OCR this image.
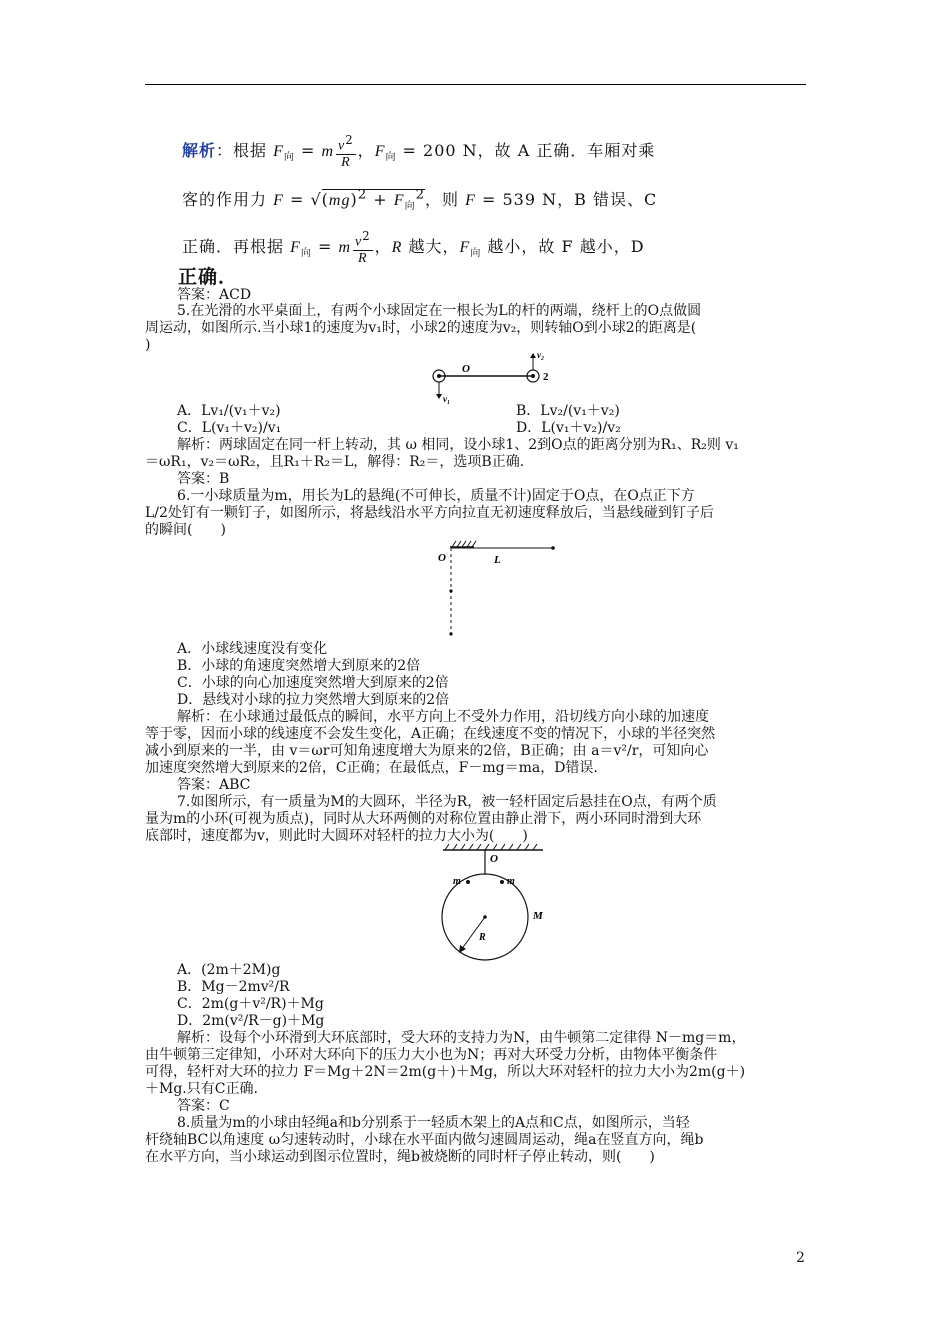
解析：根据 $F_向 = m \frac{v^2}{R}$ ，$F_向 = 200$ N，故 A 正确．车厢对乘
客的作用力 $F = √(mg)^2 + F_向^2$，则 F = 539 N，B 错误、C
正确．再根据 $F_向 = m \frac{v^2}{R}$ ，R 越大，$F_向$ 越小，故 F 越小，D
正确．
答案：ACD
5.在光滑的水平桌面上，有两个小球固定在一根长为L的杆的两端，绕杆上的O点做圆
周运动，如图所示.当小球1的速度为v₁时，小球2的速度为v₂，则转轴O到小球2的距离是(
)
O
2
v₁
v₂
A．Lv₁/(v₁＋v₂)	B．Lv₂/(v₁＋v₂)
C．L(v₁＋v₂)/v₁	D．L(v₁＋v₂)/v₂
解析：两球固定在同一杆上转动，其 ω 相同，设小球1、2到O点的距离分别为R₁、R₂则 v₁
＝ωR₁，v₂＝ωR₂，且R₁＋R₂＝L，解得：R₂＝，选项B正确.
答案：B
6.一小球质量为m，用长为L的悬绳(不可伸长，质量不计)固定于O点，在O点正下方
L/2处钉有一颗钉子，如图所示，将悬线沿水平方向拉直无初速度释放后，当悬线碰到钉子后
的瞬间(　　)
O	L
A．小球线速度没有变化
B．小球的角速度突然增大到原来的2倍
C．小球的向心加速度突然增大到原来的2倍
D．悬线对小球的拉力突然增大到原来的2倍
解析：在小球通过最低点的瞬间，水平方向上不受外力作用，沿切线方向小球的加速度
等于零，因而小球的线速度不会发生变化，A正确；在线速度不变的情况下，小球的半径突然
减小到原来的一半，由 v＝ωr可知角速度增大为原来的2倍，B正确；由 a＝v²/r，可知向心
加速度突然增大到原来的2倍，C正确；在最低点，F－mg＝ma，D错误.
答案：ABC
7.如图所示，有一质量为M的大圆环，半径为R，被一轻杆固定后悬挂在O点，有两个质
量为m的小环(可视为质点)，同时从大环两侧的对称位置由静止滑下，两小环同时滑到大环
底部时，速度都为v，则此时大圆环对轻杆的拉力大小为(　　)
O
m	m
M
R
A．(2m＋2M)g
B．Mg－2mv²/R
C．2m(g＋v²/R)＋Mg
D．2m(v²/R－g)＋Mg
解析：设每个小环滑到大环底部时，受大环的支持力为N，由牛顿第二定律得 N－mg＝m，
由牛顿第三定律知，小环对大环向下的压力大小也为N；再对大环受力分析，由物体平衡条件
可得，轻杆对大环的拉力 F＝Mg＋2N＝2m(g＋)＋Mg，所以大环对轻杆的拉力大小为2m(g＋)
＋Mg.只有C正确.
答案：C
8.质量为m的小球由轻绳a和b分别系于一轻质木架上的A点和C点，如图所示，当轻
杆绕轴BC以角速度 ω匀速转动时，小球在水平面内做匀速圆周运动，绳a在竖直方向，绳b
在水平方向，当小球运动到图示位置时，绳b被烧断的同时杆子停止转动，则(　　)
2
